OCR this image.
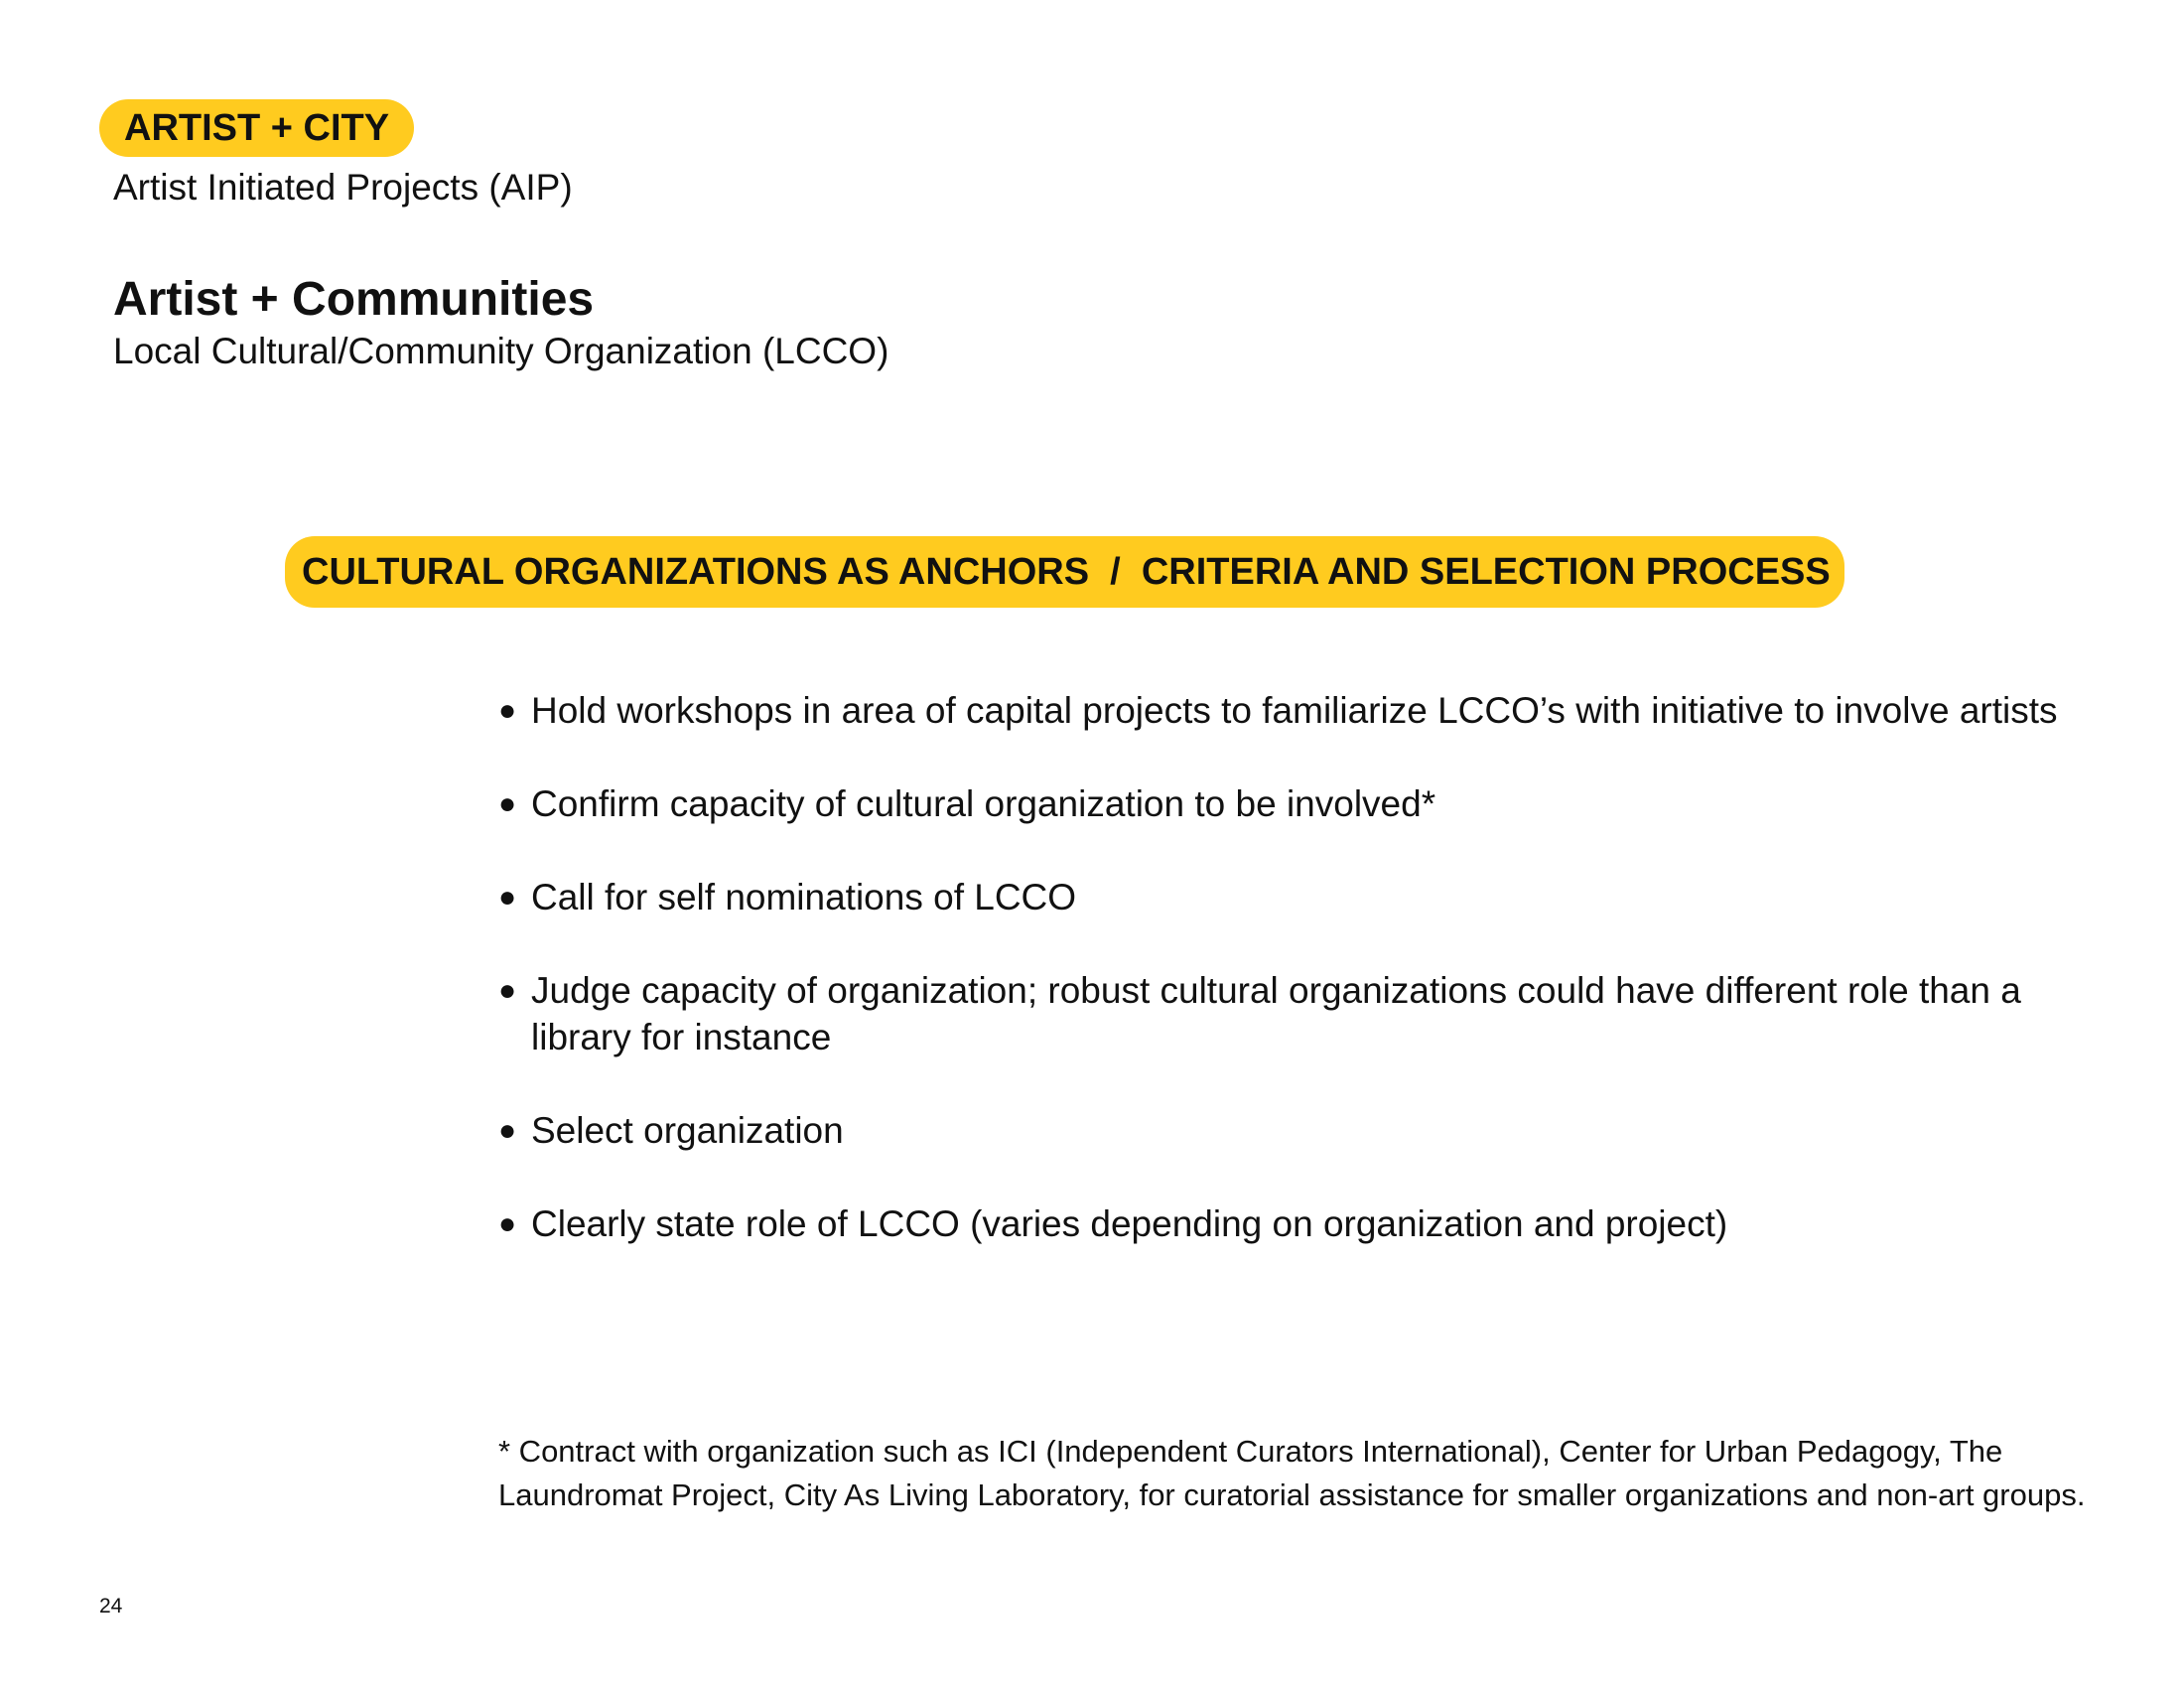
ARTIST + CITY
Artist Initiated Projects (AIP)
Artist + Communities
Local Cultural/Community Organization (LCCO)
CULTURAL ORGANIZATIONS AS ANCHORS  /  CRITERIA AND SELECTION PROCESS
● Hold workshops in area of capital projects to familiarize LCCO’s with initiative to involve artists
● Confirm capacity of cultural organization to be involved*
● Call for self nominations of LCCO
● Judge capacity of organization; robust cultural organizations could have different role than a library for instance
● Select organization
● Clearly state role of LCCO (varies depending on organization and project)

* Contract with organization such as ICI (Independent Curators International), Center for Urban Pedagogy, The Laundromat Project, City As Living Laboratory, for curatorial assistance for smaller organizations and non-art groups.

24
